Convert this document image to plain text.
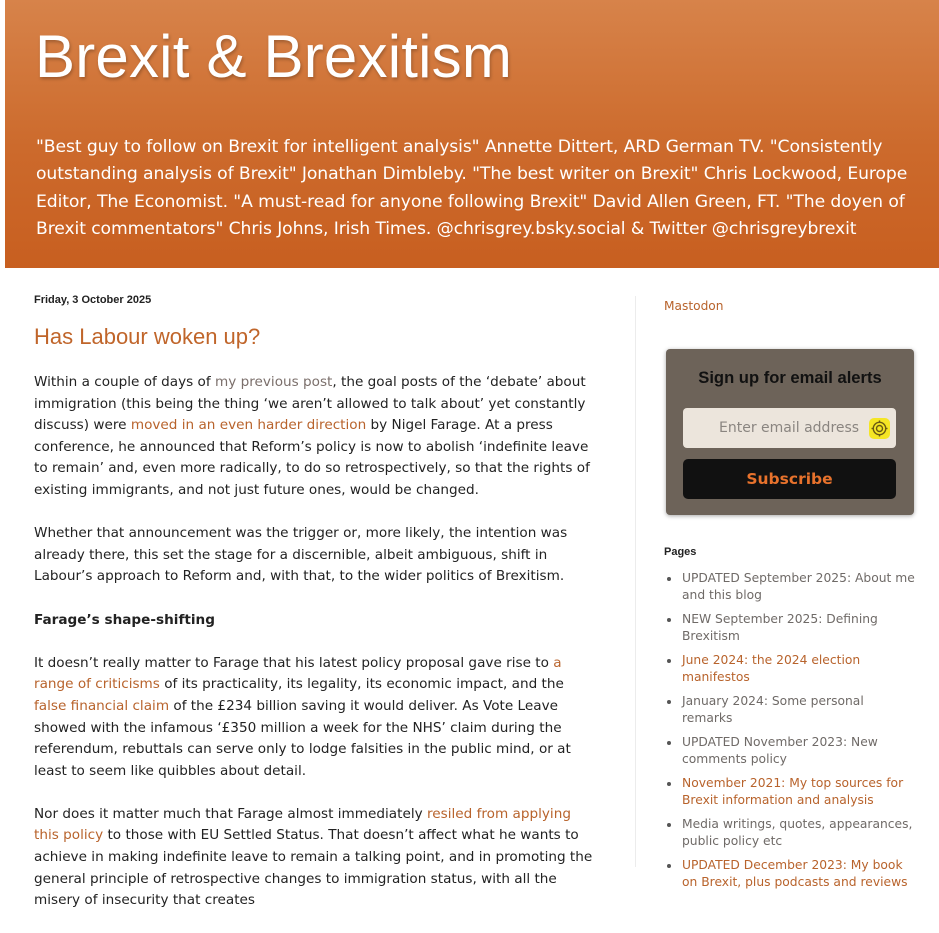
Brexit & Brexitism

"Best guy to follow on Brexit for intelligent analysis" Annette Dittert, ARD German TV. "Consistently outstanding analysis of Brexit" Jonathan Dimbleby. "The best writer on Brexit" Chris Lockwood, Europe Editor, The Economist. "A must-read for anyone following Brexit" David Allen Green, FT. "The doyen of Brexit commentators" Chris Johns, Irish Times. @chrisgrey.bsky.social & Twitter @chrisgreybrexit

Friday, 3 October 2025
Has Labour woken up?

Within a couple of days of my previous post, the goal posts of the ‘debate’ about immigration (this being the thing ‘we aren’t allowed to talk about’ yet constantly discuss) were moved in an even harder direction by Nigel Farage. At a press conference, he announced that Reform’s policy is now to abolish ‘indefinite leave to remain’ and, even more radically, to do so retrospectively, so that the rights of existing immigrants, and not just future ones, would be changed.

Whether that announcement was the trigger or, more likely, the intention was already there, this set the stage for a discernible, albeit ambiguous, shift in Labour’s approach to Reform and, with that, to the wider politics of Brexitism.

Farage’s shape-shifting

It doesn’t really matter to Farage that his latest policy proposal gave rise to a range of criticisms of its practicality, its legality, its economic impact, and the false financial claim of the £234 billion saving it would deliver. As Vote Leave showed with the infamous ‘£350 million a week for the NHS’ claim during the referendum, rebuttals can serve only to lodge falsities in the public mind, or at least to seem like quibbles about detail.

Nor does it matter much that Farage almost immediately resiled from applying this policy to those with EU Settled Status. That doesn’t affect what he wants to achieve in making indefinite leave to remain a talking point, and in promoting the general principle of retrospective changes to immigration status, with all the misery of insecurity that creates

Mastodon
Sign up for email alerts
Enter email address
Subscribe
Pages
UPDATED September 2025: About me and this blog
NEW September 2025: Defining Brexitism
June 2024: the 2024 election manifestos
January 2024: Some personal remarks
UPDATED November 2023: New comments policy
November 2021: My top sources for Brexit information and analysis
Media writings, quotes, appearances, public policy etc
UPDATED December 2023: My book on Brexit, plus podcasts and reviews
